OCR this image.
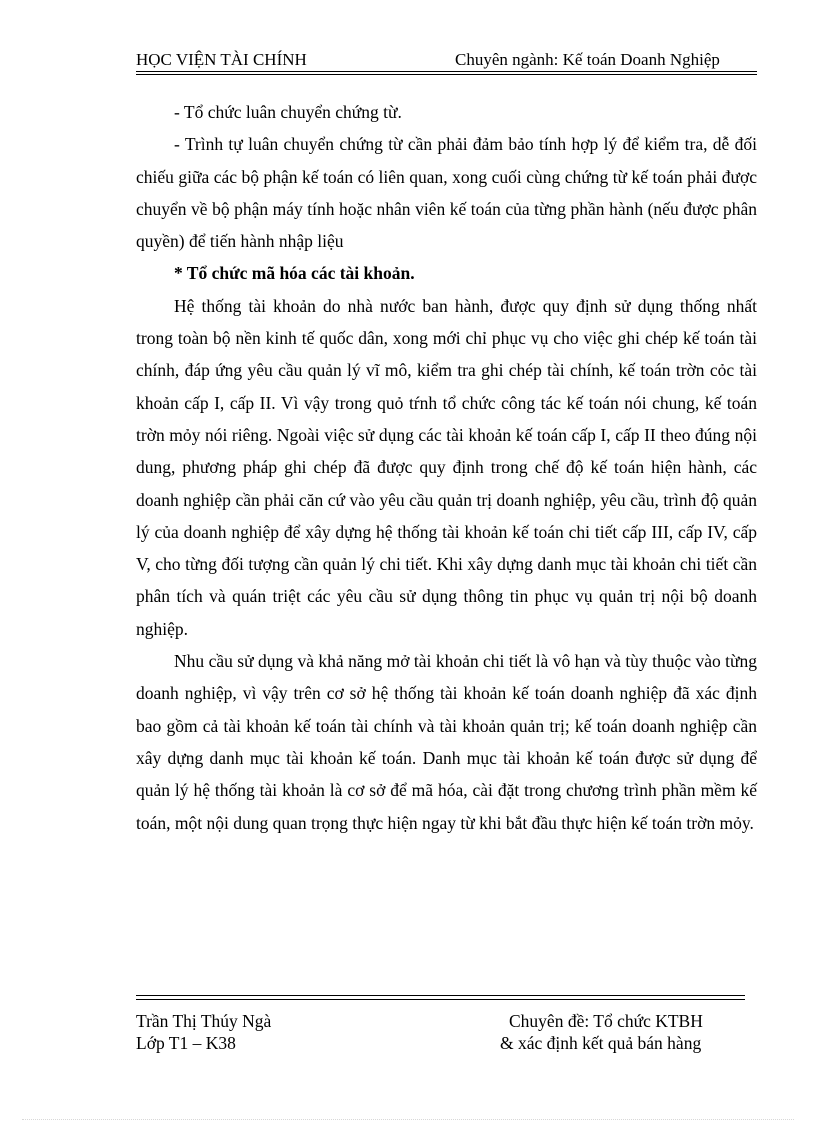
HỌC VIỆN TÀI CHÍNH	Chuyên ngành: Kế toán Doanh Nghiệp

- Tổ chức luân chuyển chứng từ.

- Trình tự luân chuyển chứng từ cần phải đảm bảo tính hợp lý để kiểm tra, dễ đối chiếu giữa các bộ phận kế toán có liên quan, xong cuối cùng chứng từ kế toán phải được chuyển về bộ phận máy tính hoặc nhân viên kế toán của từng phần hành (nếu được phân quyền) để tiến hành nhập liệu

* Tổ chức mã hóa các tài khoản.

Hệ thống tài khoản do nhà nước ban hành, được quy định sử dụng thống nhất trong toàn bộ nền kinh tế quốc dân, xong mới chỉ phục vụ cho việc ghi chép kế toán tài chính, đáp ứng yêu cầu quản lý vĩ mô, kiểm tra ghi chép tài chính, kế toán trờn cỏc tài khoản cấp I, cấp II. Vì vậy trong quỏ tŕnh tổ chức công tác kế toán nói chung, kế toán trờn mỏy nói riêng. Ngoài việc sử dụng các tài khoản kế toán cấp I, cấp II theo đúng nội dung, phương pháp ghi chép đã được quy định trong chế độ kế toán hiện hành, các doanh nghiệp cần phải căn cứ vào yêu cầu quản trị doanh nghiệp, yêu cầu, trình độ quản lý của doanh nghiệp để xây dựng hệ thống tài khoản kế toán chi tiết cấp III, cấp IV, cấp V, cho từng đối tượng cần quản lý chi tiết. Khi xây dựng danh mục tài khoản chi tiết cần phân tích và quán triệt các yêu cầu sử dụng thông tin phục vụ quản trị nội bộ doanh nghiệp.

Nhu cầu sử dụng và khả năng mở tài khoản chi tiết là vô hạn và tùy thuộc vào từng doanh nghiệp, vì vậy trên cơ sở hệ thống tài khoản kế toán doanh nghiệp đã xác định bao gồm cả tài khoản kế toán tài chính và tài khoản quản trị; kế toán doanh nghiệp cần xây dựng danh mục tài khoản kế toán. Danh mục tài khoản kế toán được sử dụng để quản lý hệ thống tài khoản là cơ sở để mã hóa, cài đặt trong chương trình phần mềm kế toán, một nội dung quan trọng thực hiện ngay từ khi bắt đầu thực hiện kế toán trờn mỏy.

Trần Thị Thúy Ngà
Lớp T1 – K38
Chuyên đề: Tổ chức KTBH
& xác định kết quả bán hàng
